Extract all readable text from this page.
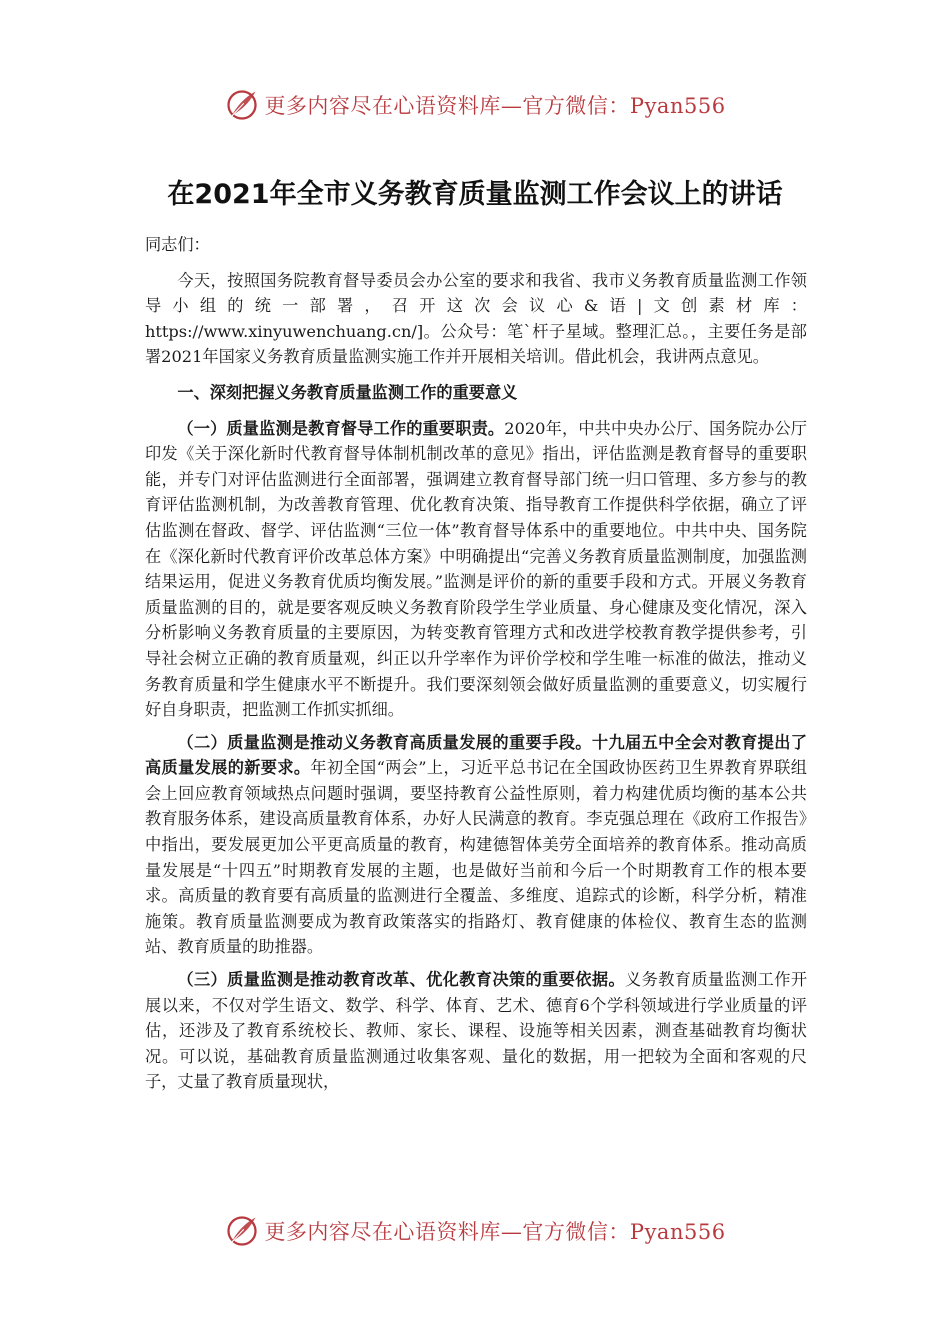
更多内容尽在心语资料库—官方微信：Pyan556
在2021年全市义务教育质量监测工作会议上的讲话

同志们：

今天，按照国务院教育督导委员会办公室的要求和我省、我市义务教育质量监测工作领导小组的统一部署，召开这次会议心&语|文创素材库：https://www.xinyuwenchuang.cn/]。公众号：笔`杆子星域。整理汇总。，主要任务是部署2021年国家义务教育质量监测实施工作并开展相关培训。借此机会，我讲两点意见。

一、深刻把握义务教育质量监测工作的重要意义

（一）质量监测是教育督导工作的重要职责。2020年，中共中央办公厅、国务院办公厅印发《关于深化新时代教育督导体制机制改革的意见》指出，评估监测是教育督导的重要职能，并专门对评估监测进行全面部署，强调建立教育督导部门统一归口管理、多方参与的教育评估监测机制，为改善教育管理、优化教育决策、指导教育工作提供科学依据，确立了评估监测在督政、督学、评估监测“三位一体”教育督导体系中的重要地位。中共中央、国务院在《深化新时代教育评价改革总体方案》中明确提出“完善义务教育质量监测制度，加强监测结果运用，促进义务教育优质均衡发展。”监测是评价的新的重要手段和方式。开展义务教育质量监测的目的，就是要客观反映义务教育阶段学生学业质量、身心健康及变化情况，深入分析影响义务教育质量的主要原因，为转变教育管理方式和改进学校教育教学提供参考，引导社会树立正确的教育质量观，纠正以升学率作为评价学校和学生唯一标准的做法，推动义务教育质量和学生健康水平不断提升。我们要深刻领会做好质量监测的重要意义，切实履行好自身职责，把监测工作抓实抓细。

（二）质量监测是推动义务教育高质量发展的重要手段。十九届五中全会对教育提出了高质量发展的新要求。年初全国“两会”上，习近平总书记在全国政协医药卫生界教育界联组会上回应教育领域热点问题时强调，要坚持教育公益性原则，着力构建优质均衡的基本公共教育服务体系，建设高质量教育体系，办好人民满意的教育。李克强总理在《政府工作报告》中指出，要发展更加公平更高质量的教育，构建德智体美劳全面培养的教育体系。推动高质量发展是“十四五”时期教育发展的主题，也是做好当前和今后一个时期教育工作的根本要求。高质量的教育要有高质量的监测进行全覆盖、多维度、追踪式的诊断，科学分析，精准施策。教育质量监测要成为教育政策落实的指路灯、教育健康的体检仪、教育生态的监测站、教育质量的助推器。

（三）质量监测是推动教育改革、优化教育决策的重要依据。义务教育质量监测工作开展以来，不仅对学生语文、数学、科学、体育、艺术、德育6个学科领域进行学业质量的评估，还涉及了教育系统校长、教师、家长、课程、设施等相关因素，测查基础教育均衡状况。可以说，基础教育质量监测通过收集客观、量化的数据，用一把较为全面和客观的尺子，丈量了教育质量现状，

更多内容尽在心语资料库—官方微信：Pyan556
